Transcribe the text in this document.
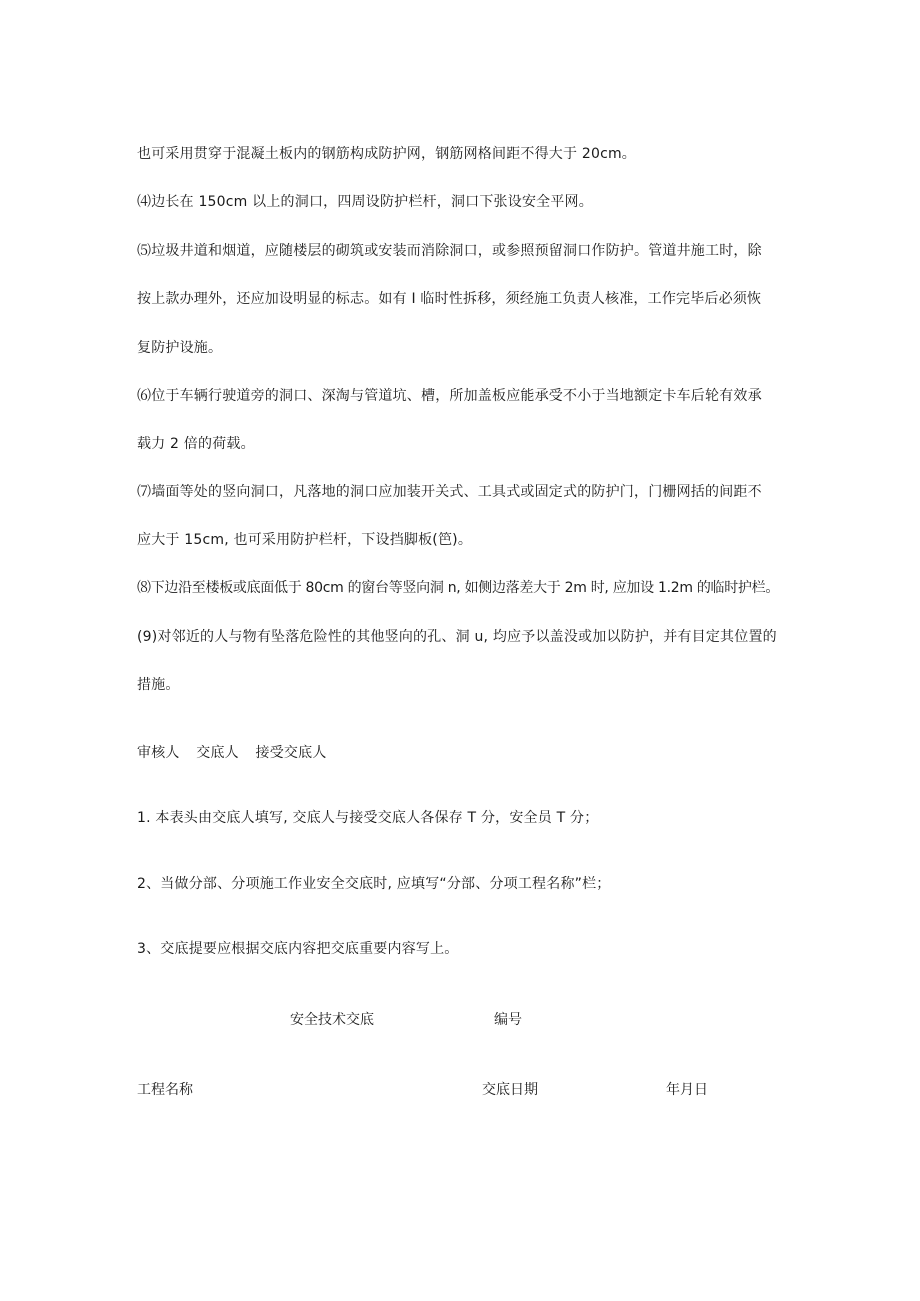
也可采用贯穿于混凝土板内的钢筋构成防护网，钢筋网格间距不得大于 20cm。
⑷边长在 150cm 以上的洞口，四周设防护栏杆，洞口下张设安全平网。
⑸垃圾井道和烟道，应随楼层的砌筑或安装而消除洞口，或参照预留洞口作防护。管道井施工时，除
按上款办理外，还应加设明显的标志。如有 I 临时性拆移，须经施工负责人核准，工作完毕后必须恢
复防护设施。
⑹位于车辆行驶道旁的洞口、深淘与管道坑、槽，所加盖板应能承受不小于当地额定卡车后轮有效承
载力 2 倍的荷载。
⑺墙面等处的竖向洞口，凡落地的洞口应加装开关式、工具式或固定式的防护门，门栅网括的间距不
应大于 15cm, 也可采用防护栏杆，下设挡脚板(笆)。
⑻下边沿至楼板或底面低于 80cm 的窗台等竖向洞 n, 如侧边落差大于 2m 时, 应加设 1.2m 的临时护栏。
(9)对邻近的人与物有坠落危险性的其他竖向的孔、洞 u, 均应予以盖没或加以防护，并有目定其位置的
措施。
审核人 交底人 接受交底人
1. 本表头由交底人填写, 交底人与接受交底人各保存 T 分，安全员 T 分；
2、当做分部、分项施工作业安全交底时, 应填写“分部、分项工程名称”栏；
3、交底提要应根据交底内容把交底重要内容写上。
安全技术交底	编号
工程名称	交底日期	年月日
